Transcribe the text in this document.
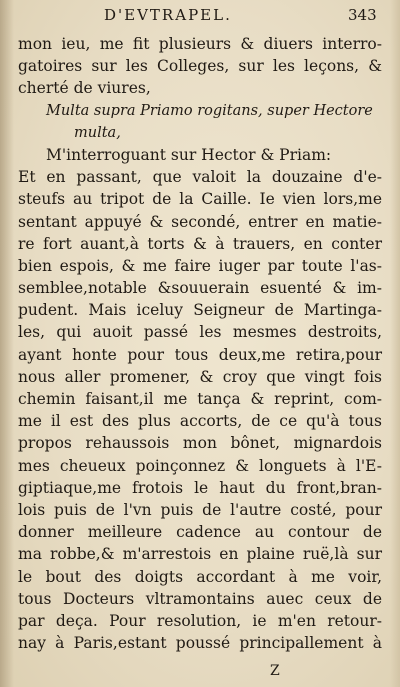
D'EVTRAPEL.	343
mon ieu, me fit plusieurs & diuers interro-
gatoires sur les Colleges, sur les leçons, &
cherté de viures,
Multa supra Priamo rogitans, super Hectore
multa,
M'interroguant sur Hector & Priam:
Et en passant, que valoit la douzaine d'e-
steufs au tripot de la Caille. Ie vien lors,me
sentant appuyé & secondé, entrer en matie-
re fort auant,à torts & à trauers, en conter
bien espois, & me faire iuger par toute l'as-
semblee,notable &souuerain esuenté & im-
pudent. Mais iceluy Seigneur de Martinga-
les, qui auoit passé les mesmes destroits,
ayant honte pour tous deux,me retira,pour
nous aller promener, & croy que vingt fois
chemin faisant,il me tança & reprint, com-
me il est des plus accorts, de ce qu'à tous
propos rehaussois mon bônet, mignardois
mes cheueux poinçonnez & longuets à l'E-
giptiaque,me frotois le haut du front,bran-
lois puis de l'vn puis de l'autre costé, pour
donner meilleure cadence au contour de
ma robbe,& m'arrestois en plaine ruë,là sur
le bout des doigts accordant à me voir,
tous Docteurs vltramontains auec ceux de
par deça. Pour resolution, ie m'en retour-
nay à Paris,estant poussé principallement à
Z
